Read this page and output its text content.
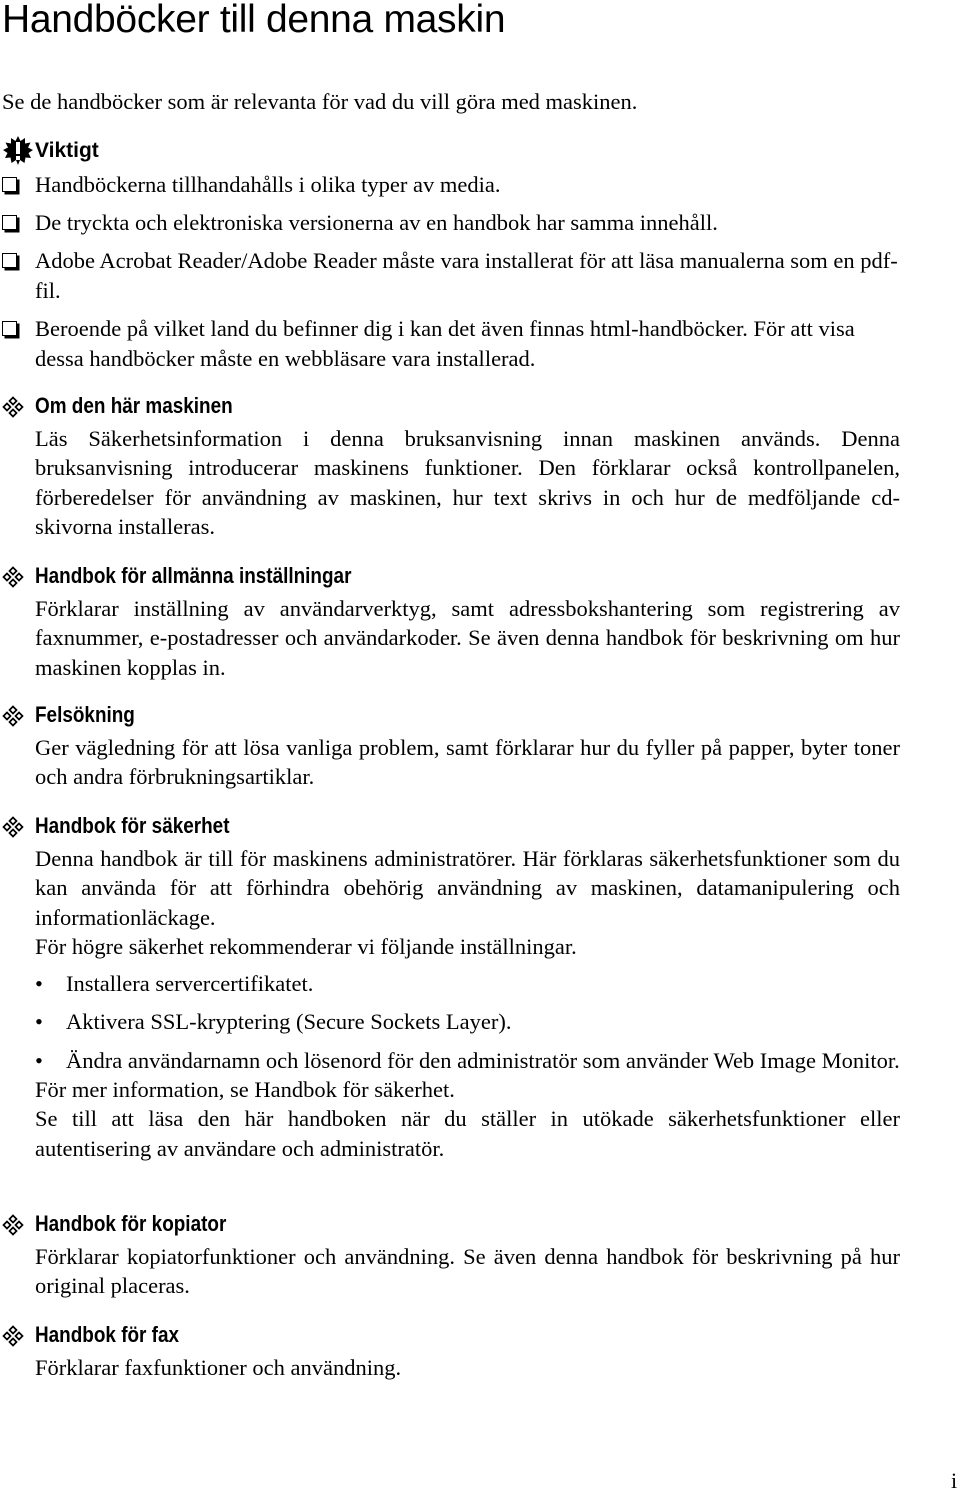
Handböcker till denna maskin

Se de handböcker som är relevanta för vad du vill göra med maskinen.

Viktigt
Handböckerna tillhandahålls i olika typer av media.
De tryckta och elektroniska versionerna av en handbok har samma innehåll.
Adobe Acrobat Reader/Adobe Reader måste vara installerat för att läsa manualerna som en pdf-fil.
Beroende på vilket land du befinner dig i kan det även finnas html-handböcker. För att visa dessa handböcker måste en webbläsare vara installerad.
Om den här maskinen

Läs Säkerhetsinformation i denna bruksanvisning innan maskinen används. Denna bruksanvisning introducerar maskinens funktioner. Den förklarar också kontrollpanelen, förberedelser för användning av maskinen, hur text skrivs in och hur de medföljande cd-skivorna installeras.

Handbok för allmänna inställningar

Förklarar inställning av användarverktyg, samt adressbokshantering som registrering av faxnummer, e-postadresser och användarkoder. Se även denna handbok för beskrivning om hur maskinen kopplas in.

Felsökning

Ger vägledning för att lösa vanliga problem, samt förklarar hur du fyller på papper, byter toner och andra förbrukningsartiklar.

Handbok för säkerhet

Denna handbok är till för maskinens administratörer. Här förklaras säkerhetsfunktioner som du kan använda för att förhindra obehörig användning av maskinen, datamanipulering och informationläckage.

För högre säkerhet rekommenderar vi följande inställningar.

• Installera servercertifikatet.
• Aktivera SSL-kryptering (Secure Sockets Layer).
• Ändra användarnamn och lösenord för den administratör som använder Web Image Monitor.

För mer information, se Handbok för säkerhet.

Se till att läsa den här handboken när du ställer in utökade säkerhetsfunktioner eller autentisering av användare och administratör.

Handbok för kopiator

Förklarar kopiatorfunktioner och användning. Se även denna handbok för beskrivning på hur original placeras.

Handbok för fax

Förklarar faxfunktioner och användning.

i
